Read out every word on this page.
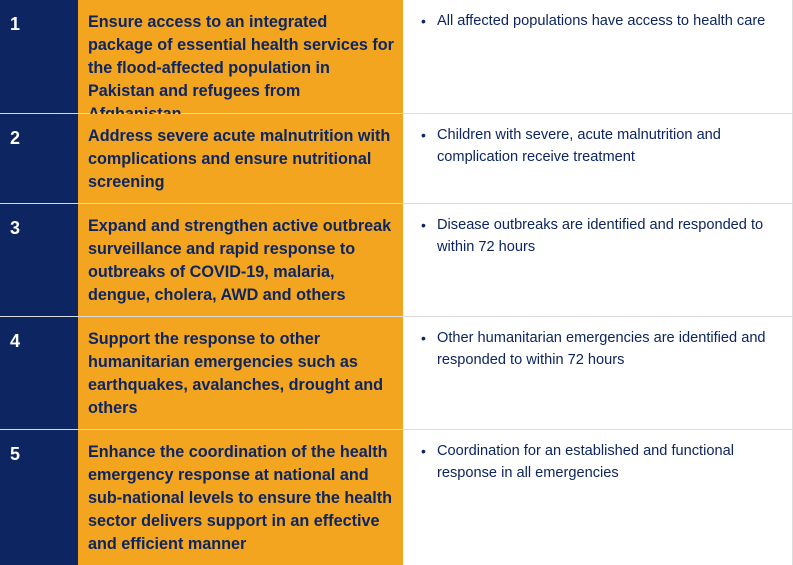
1	Ensure access to an integrated package of essential health services for the flood-affected population in Pakistan and refugees from
• All affected populations have access to health care
2	Address severe acute malnutrition with complications and ensure nutritional screening
• Children with severe, acute malnutrition and complication receive treatment
3	Expand and strengthen active outbreak surveillance and rapid response to outbreaks of COVID-19, malaria, dengue, cholera, AWD and others
• Disease outbreaks are identified and responded to within 72 hours
4	Support the response to other humanitarian emergencies such as earthquakes, avalanches, drought and others
• Other humanitarian emergencies are identified and responded to within 72 hours
5	Enhance the coordination of the health emergency response at national and sub-national levels to ensure the health sector delivers support in an effective and efficient manner
• Coordination for an established and functional response in all emergencies
